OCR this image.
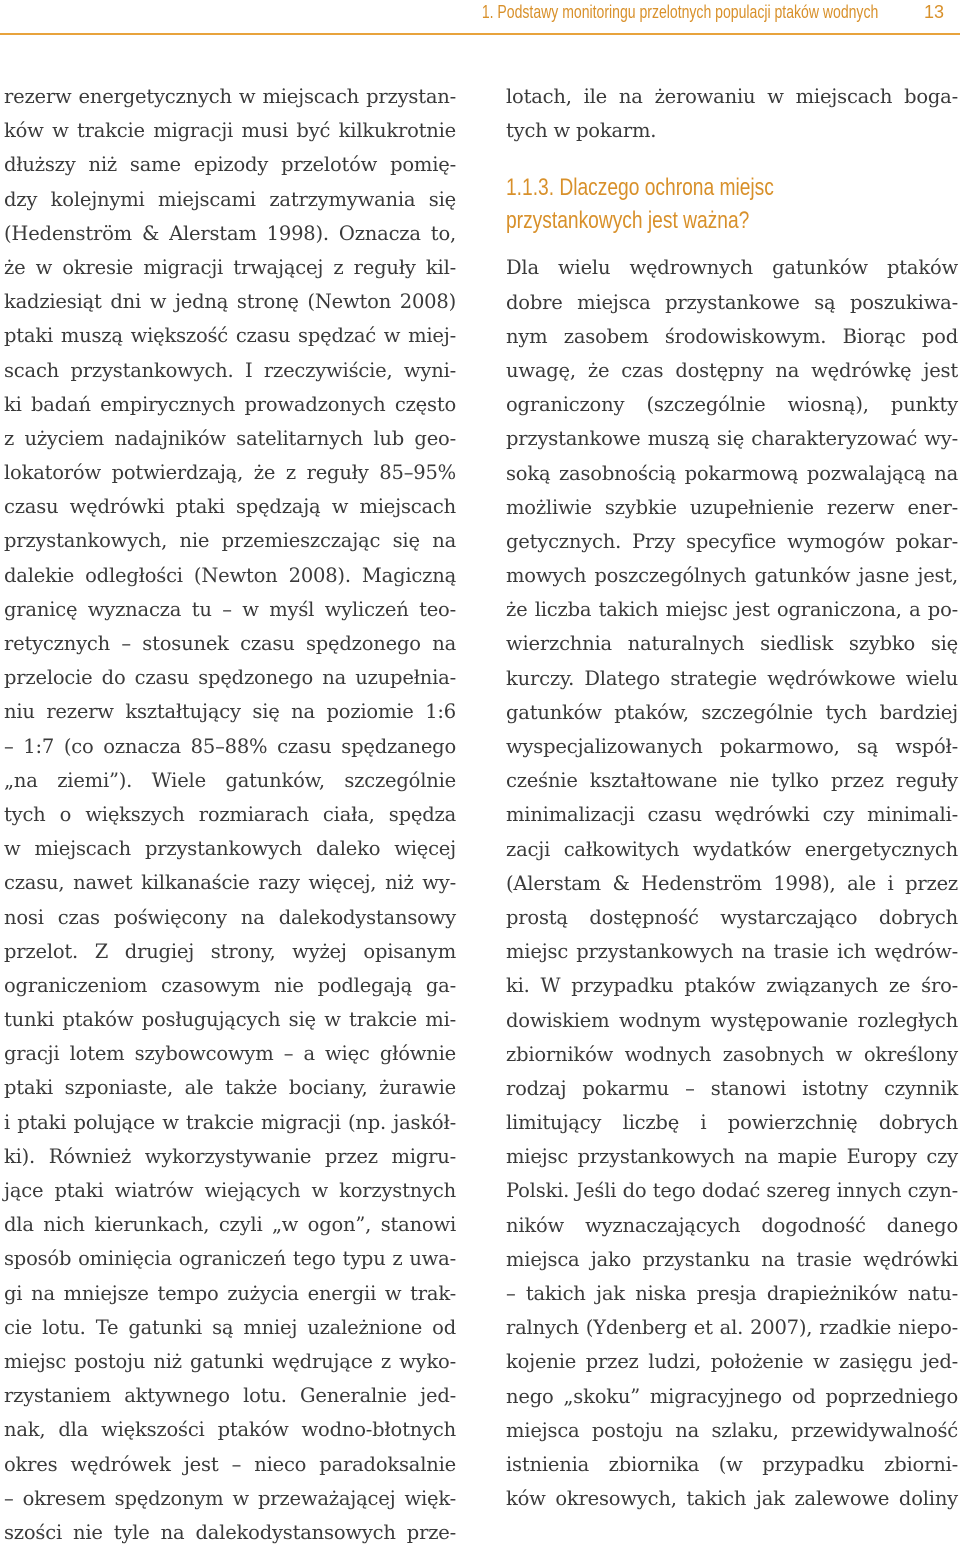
1. Podstawy monitoringu przelotnych populacji ptaków wodnych	13
rezerw energetycznych w miejscach przystan-
ków w trakcie migracji musi być kilkukrotnie
dłuższy niż same epizody przelotów pomię-
dzy kolejnymi miejscami zatrzymywania się
(Hedenström & Alerstam 1998). Oznacza to,
że w okresie migracji trwającej z reguły kil-
kadziesiąt dni w jedną stronę (Newton 2008)
ptaki muszą większość czasu spędzać w miej-
scach przystankowych. I rzeczywiście, wyni-
ki badań empirycznych prowadzonych często
z użyciem nadajników satelitarnych lub geo-
lokatorów potwierdzają, że z reguły 85–95%
czasu wędrówki ptaki spędzają w miejscach
przystankowych, nie przemieszczając się na
dalekie odległości (Newton 2008). Magiczną
granicę wyznacza tu – w myśl wyliczeń teo-
retycznych – stosunek czasu spędzonego na
przelocie do czasu spędzonego na uzupełnia-
niu rezerw kształtujący się na poziomie 1:6
– 1:7 (co oznacza 85–88% czasu spędzanego
„na ziemi”). Wiele gatunków, szczególnie
tych o większych rozmiarach ciała, spędza
w miejscach przystankowych daleko więcej
czasu, nawet kilkanaście razy więcej, niż wy-
nosi czas poświęcony na dalekodystansowy
przelot. Z drugiej strony, wyżej opisanym
ograniczeniom czasowym nie podlegają ga-
tunki ptaków posługujących się w trakcie mi-
gracji lotem szybowcowym – a więc głównie
ptaki szponiaste, ale także bociany, żurawie
i ptaki polujące w trakcie migracji (np. jaskół-
ki). Również wykorzystywanie przez migru-
jące ptaki wiatrów wiejących w korzystnych
dla nich kierunkach, czyli „w ogon”, stanowi
sposób ominięcia ograniczeń tego typu z uwa-
gi na mniejsze tempo zużycia energii w trak-
cie lotu. Te gatunki są mniej uzależnione od
miejsc postoju niż gatunki wędrujące z wyko-
rzystaniem aktywnego lotu. Generalnie jed-
nak, dla większości ptaków wodno-błotnych
okres wędrówek jest – nieco paradoksalnie
– okresem spędzonym w przeważającej więk-
szości nie tyle na dalekodystansowych prze-
lotach, ile na żerowaniu w miejscach boga-
tych w pokarm.
1.1.3. Dlaczego ochrona miejsc
przystankowych jest ważna?
Dla wielu wędrownych gatunków ptaków
dobre miejsca przystankowe są poszukiwa-
nym zasobem środowiskowym. Biorąc pod
uwagę, że czas dostępny na wędrówkę jest
ograniczony (szczególnie wiosną), punkty
przystankowe muszą się charakteryzować wy-
soką zasobnością pokarmową pozwalającą na
możliwie szybkie uzupełnienie rezerw ener-
getycznych. Przy specyfice wymogów pokar-
mowych poszczególnych gatunków jasne jest,
że liczba takich miejsc jest ograniczona, a po-
wierzchnia naturalnych siedlisk szybko się
kurczy. Dlatego strategie wędrówkowe wielu
gatunków ptaków, szczególnie tych bardziej
wyspecjalizowanych pokarmowo, są współ-
cześnie kształtowane nie tylko przez reguły
minimalizacji czasu wędrówki czy minimali-
zacji całkowitych wydatków energetycznych
(Alerstam & Hedenström 1998), ale i przez
prostą dostępność wystarczająco dobrych
miejsc przystankowych na trasie ich wędrów-
ki. W przypadku ptaków związanych ze śro-
dowiskiem wodnym występowanie rozległych
zbiorników wodnych zasobnych w określony
rodzaj pokarmu – stanowi istotny czynnik
limitujący liczbę i powierzchnię dobrych
miejsc przystankowych na mapie Europy czy
Polski. Jeśli do tego dodać szereg innych czyn-
ników wyznaczających dogodność danego
miejsca jako przystanku na trasie wędrówki
– takich jak niska presja drapieżników natu-
ralnych (Ydenberg et al. 2007), rzadkie niepo-
kojenie przez ludzi, położenie w zasięgu jed-
nego „skoku” migracyjnego od poprzedniego
miejsca postoju na szlaku, przewidywalność
istnienia zbiornika (w przypadku zbiorni-
ków okresowych, takich jak zalewowe doliny
